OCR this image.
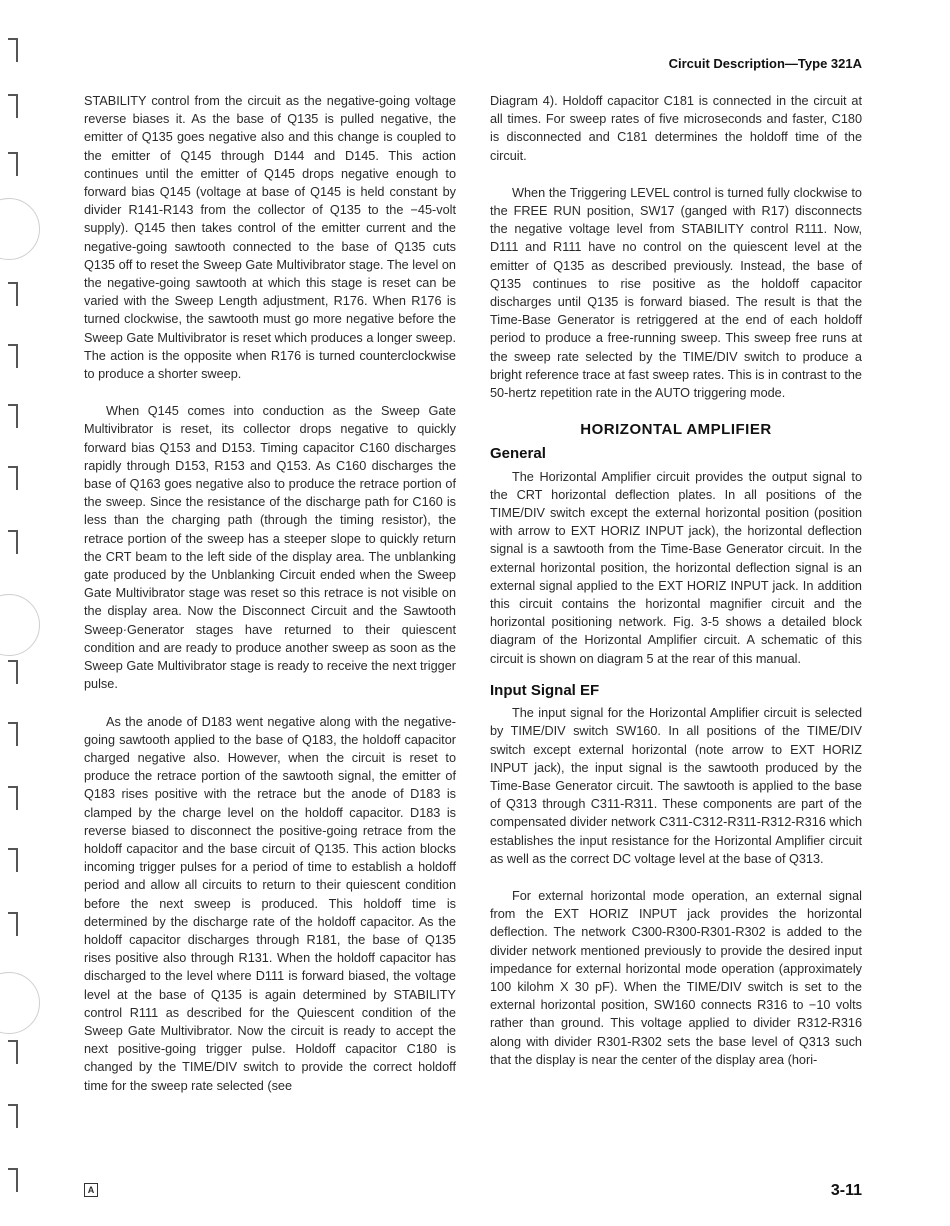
Circuit Description—Type 321A

STABILITY control from the circuit as the negative-going voltage reverse biases it. As the base of Q135 is pulled negative, the emitter of Q135 goes negative also and this change is coupled to the emitter of Q145 through D144 and D145. This action continues until the emitter of Q145 drops negative enough to forward bias Q145 (voltage at base of Q145 is held constant by divider R141-R143 from the collector of Q135 to the −45-volt supply). Q145 then takes control of the emitter current and the negative-going sawtooth connected to the base of Q135 cuts Q135 off to reset the Sweep Gate Multivibrator stage. The level on the negative-going sawtooth at which this stage is reset can be varied with the Sweep Length adjustment, R176. When R176 is turned clockwise, the sawtooth must go more negative before the Sweep Gate Multivibrator is reset which produces a longer sweep. The action is the opposite when R176 is turned counterclockwise to produce a shorter sweep.

When Q145 comes into conduction as the Sweep Gate Multivibrator is reset, its collector drops negative to quickly forward bias Q153 and D153. Timing capacitor C160 discharges rapidly through D153, R153 and Q153. As C160 discharges the base of Q163 goes negative also to produce the retrace portion of the sweep. Since the resistance of the discharge path for C160 is less than the charging path (through the timing resistor), the retrace portion of the sweep has a steeper slope to quickly return the CRT beam to the left side of the display area. The unblanking gate produced by the Unblanking Circuit ended when the Sweep Gate Multivibrator stage was reset so this retrace is not visible on the display area. Now the Disconnect Circuit and the Sawtooth Sweep·Generator stages have returned to their quiescent condition and are ready to produce another sweep as soon as the Sweep Gate Multivibrator stage is ready to receive the next trigger pulse.

As the anode of D183 went negative along with the negative-going sawtooth applied to the base of Q183, the holdoff capacitor charged negative also. However, when the circuit is reset to produce the retrace portion of the sawtooth signal, the emitter of Q183 rises positive with the retrace but the anode of D183 is clamped by the charge level on the holdoff capacitor. D183 is reverse biased to disconnect the positive-going retrace from the holdoff capacitor and the base circuit of Q135. This action blocks incoming trigger pulses for a period of time to establish a holdoff period and allow all circuits to return to their quiescent condition before the next sweep is produced. This holdoff time is determined by the discharge rate of the holdoff capacitor. As the holdoff capacitor discharges through R181, the base of Q135 rises positive also through R131. When the holdoff capacitor has discharged to the level where D111 is forward biased, the voltage level at the base of Q135 is again determined by STABILITY control R111 as described for the Quiescent condition of the Sweep Gate Multivibrator. Now the circuit is ready to accept the next positive-going trigger pulse. Holdoff capacitor C180 is changed by the TIME/DIV switch to provide the correct holdoff time for the sweep rate selected (see

Diagram 4). Holdoff capacitor C181 is connected in the circuit at all times. For sweep rates of five microseconds and faster, C180 is disconnected and C181 determines the holdoff time of the circuit.

When the Triggering LEVEL control is turned fully clockwise to the FREE RUN position, SW17 (ganged with R17) disconnects the negative voltage level from STABILITY control R111. Now, D111 and R111 have no control on the quiescent level at the emitter of Q135 as described previously. Instead, the base of Q135 continues to rise positive as the holdoff capacitor discharges until Q135 is forward biased. The result is that the Time-Base Generator is retriggered at the end of each holdoff period to produce a free-running sweep. This sweep free runs at the sweep rate selected by the TIME/DIV switch to produce a bright reference trace at fast sweep rates. This is in contrast to the 50-hertz repetition rate in the AUTO triggering mode.

HORIZONTAL AMPLIFIER
General

The Horizontal Amplifier circuit provides the output signal to the CRT horizontal deflection plates. In all positions of the TIME/DIV switch except the external horizontal position (position with arrow to EXT HORIZ INPUT jack), the horizontal deflection signal is a sawtooth from the Time-Base Generator circuit. In the external horizontal position, the horizontal deflection signal is an external signal applied to the EXT HORIZ INPUT jack. In addition this circuit contains the horizontal magnifier circuit and the horizontal positioning network. Fig. 3-5 shows a detailed block diagram of the Horizontal Amplifier circuit. A schematic of this circuit is shown on diagram 5 at the rear of this manual.

Input Signal EF

The input signal for the Horizontal Amplifier circuit is selected by TIME/DIV switch SW160. In all positions of the TIME/DIV switch except external horizontal (note arrow to EXT HORIZ INPUT jack), the input signal is the sawtooth produced by the Time-Base Generator circuit. The sawtooth is applied to the base of Q313 through C311-R311. These components are part of the compensated divider network C311-C312-R311-R312-R316 which establishes the input resistance for the Horizontal Amplifier circuit as well as the correct DC voltage level at the base of Q313.

For external horizontal mode operation, an external signal from the EXT HORIZ INPUT jack provides the horizontal deflection. The network C300-R300-R301-R302 is added to the divider network mentioned previously to provide the desired input impedance for external horizontal mode operation (approximately 100 kilohm X 30 pF). When the TIME/DIV switch is set to the external horizontal position, SW160 connects R316 to −10 volts rather than ground. This voltage applied to divider R312-R316 along with divider R301-R302 sets the base level of Q313 such that the display is near the center of the display area (hori-

A	3-11
